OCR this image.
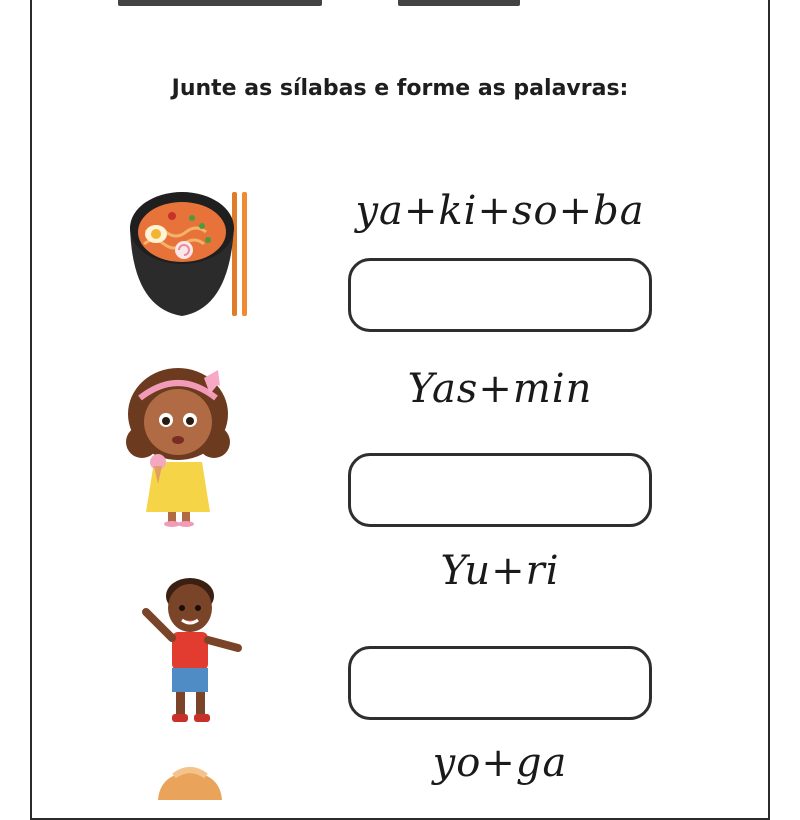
Junte as sílabas e forme as palavras:
ya+ki+so+ba
Yas+min
Yu+ri
yo+ga
